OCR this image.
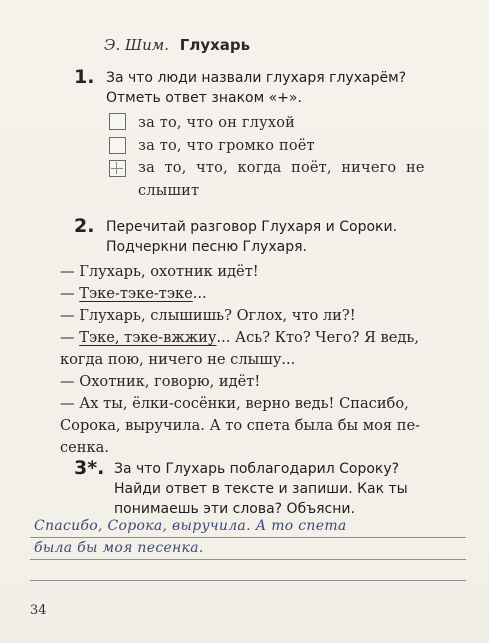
Э. Шим. Глухарь
1. За что люди назвали глухаря глухарём?
Отметь ответ знаком «+».
за то, что он глухой
за то, что громко поёт
за  то,  что,  когда  поёт,  ничего  не
слышит
2. Перечитай разговор Глухаря и Сороки.
Подчеркни песню Глухаря.
— Глухарь, охотник идёт!
— Тэке-тэке-тэке...
— Глухарь, слышишь? Оглох, что ли?!
— Тэке, тэке-вжжиу... Ась? Кто? Чего? Я ведь,
когда пою, ничего не слышу...
— Охотник, говорю, идёт!
— Ах ты, ёлки-сосёнки, верно ведь! Спасибо,
Сорока, выручила. А то спета была бы моя пе-
сенка.
3*. За что Глухарь поблагодарил Сороку?
Найди ответ в тексте и запиши. Как ты
понимаешь эти слова? Объясни.
Спасибо, Сорока, выручила. А то спета
была бы моя песенка.
34
